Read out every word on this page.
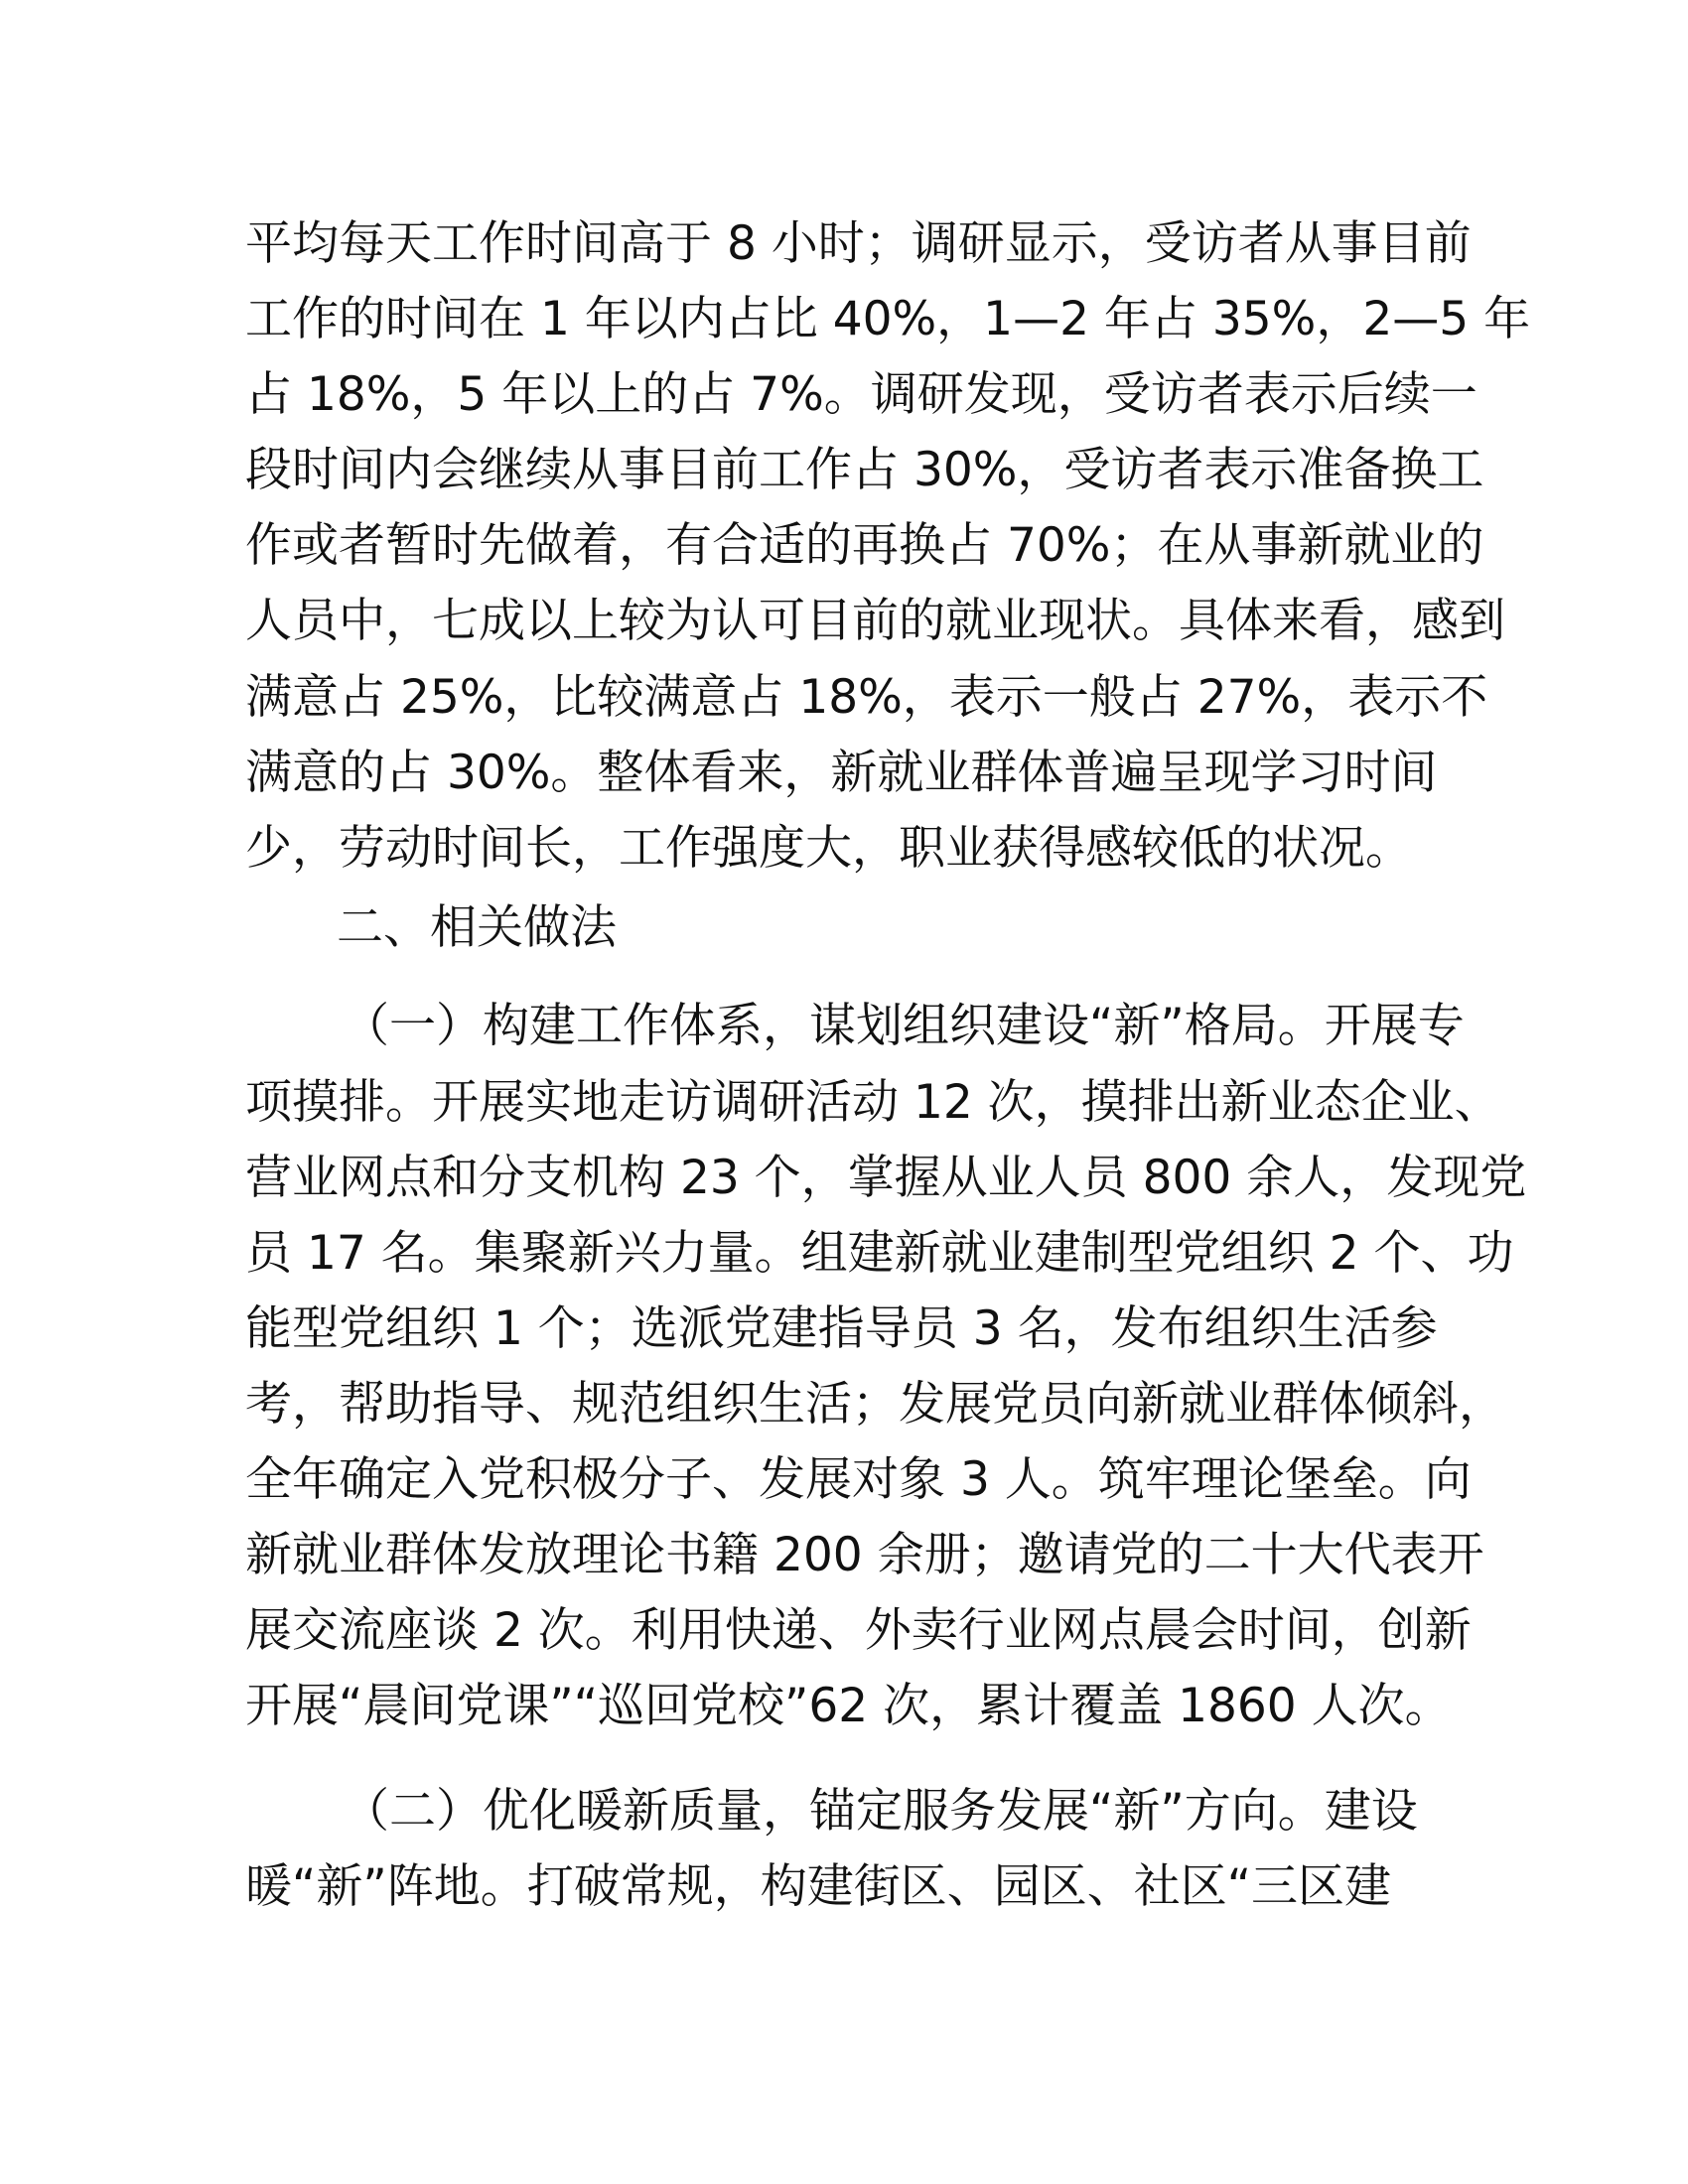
平均每天工作时间高于 8 小时；调研显示，受访者从事目前
工作的时间在 1 年以内占比 40%，1—2 年占 35%，2—5 年
占 18%，5 年以上的占 7%。调研发现，受访者表示后续一
段时间内会继续从事目前工作占 30%，受访者表示准备换工
作或者暂时先做着，有合适的再换占 70%；在从事新就业的
人员中，七成以上较为认可目前的就业现状。具体来看，感到
满意占 25%，比较满意占 18%，表示一般占 27%，表示不
满意的占 30%。整体看来，新就业群体普遍呈现学习时间
少，劳动时间长，工作强度大，职业获得感较低的状况。
二、相关做法
（一）构建工作体系，谋划组织建设“新”格局。开展专
项摸排。开展实地走访调研活动 12 次，摸排出新业态企业、
营业网点和分支机构 23 个，掌握从业人员 800 余人，发现党
员 17 名。集聚新兴力量。组建新就业建制型党组织 2 个、功
能型党组织 1 个；选派党建指导员 3 名，发布组织生活参
考，帮助指导、规范组织生活；发展党员向新就业群体倾斜，
全年确定入党积极分子、发展对象 3 人。筑牢理论堡垒。向
新就业群体发放理论书籍 200 余册；邀请党的二十大代表开
展交流座谈 2 次。利用快递、外卖行业网点晨会时间，创新
开展“晨间党课”“巡回党校”62 次，累计覆盖 1860 人次。
（二）优化暖新质量，锚定服务发展“新”方向。建设
暖“新”阵地。打破常规，构建街区、园区、社区“三区建
